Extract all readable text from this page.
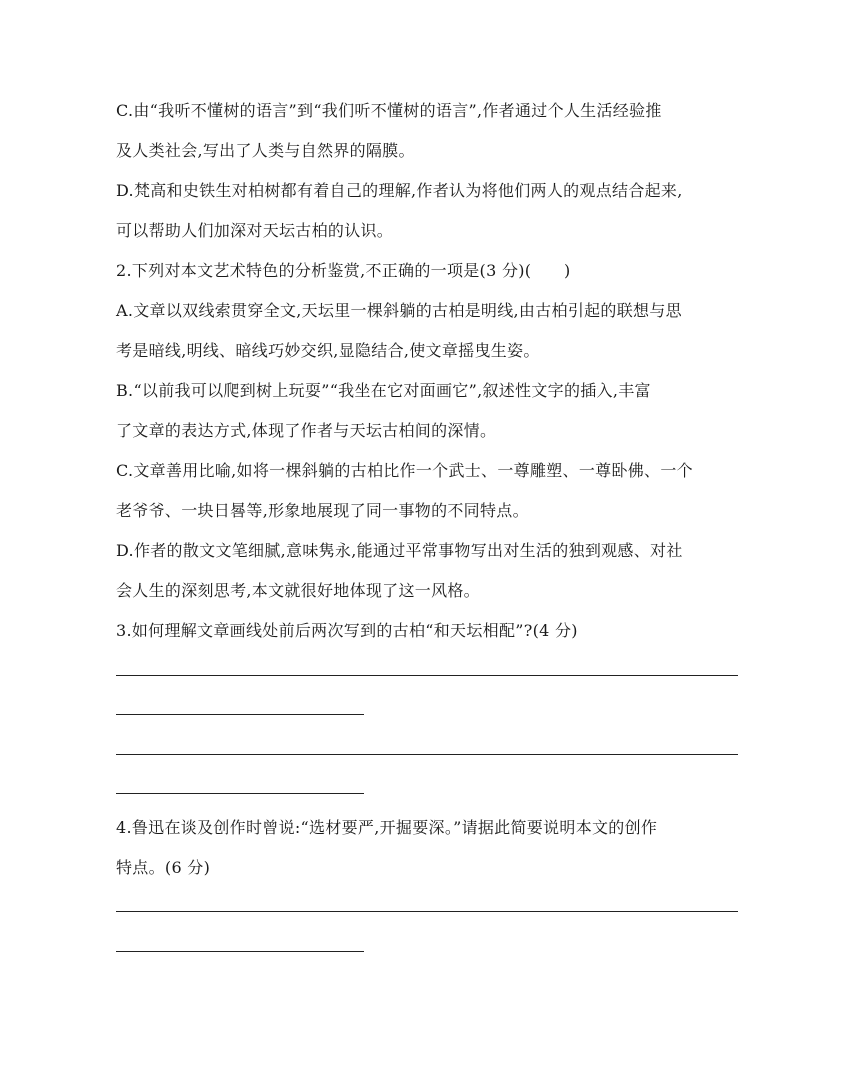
C.由“我听不懂树的语言”到“我们听不懂树的语言”,作者通过个人生活经验推
及人类社会,写出了人类与自然界的隔膜。
D.梵高和史铁生对柏树都有着自己的理解,作者认为将他们两人的观点结合起来,
可以帮助人们加深对天坛古柏的认识。
2.下列对本文艺术特色的分析鉴赏,不正确的一项是(3 分)(　　)
A.文章以双线索贯穿全文,天坛里一棵斜躺的古柏是明线,由古柏引起的联想与思
考是暗线,明线、暗线巧妙交织,显隐结合,使文章摇曳生姿。
B.“以前我可以爬到树上玩耍”“我坐在它对面画它”,叙述性文字的插入,丰富
了文章的表达方式,体现了作者与天坛古柏间的深情。
C.文章善用比喻,如将一棵斜躺的古柏比作一个武士、一尊雕塑、一尊卧佛、一个
老爷爷、一块日晷等,形象地展现了同一事物的不同特点。
D.作者的散文文笔细腻,意味隽永,能通过平常事物写出对生活的独到观感、对社
会人生的深刻思考,本文就很好地体现了这一风格。
3.如何理解文章画线处前后两次写到的古柏“和天坛相配”?(4 分)
4.鲁迅在谈及创作时曾说:“选材要严,开掘要深。”请据此简要说明本文的创作
特点。(6 分)
